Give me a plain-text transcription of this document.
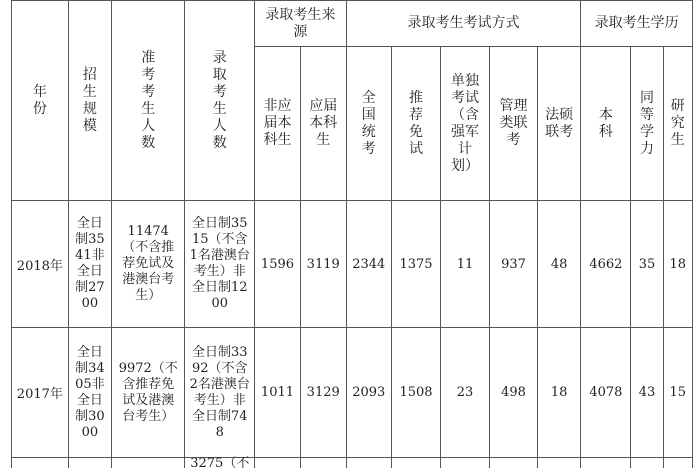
年份	招生规模	准考考生人数	录取考生人数	录取考生来源		录取考生考试方式					录取考生学历		
				非应届本科生	应届本科生	全国统考	推荐免试	单独考试（含强军计划）	管理类联考	法硕联考	本科	同等学力	研究生
2018年	全日制3541非全日制2700	11474（不含推荐免试及港澳台考生）	全日制3515（不含1名港澳台考生）非全日制1200	1596	3119	2344	1375	11	937	48	4662	35	18
2017年	全日制3405非全日制3000	9972（不含推荐免试及港澳台考生）	全日制3392（不含2名港澳台考生）非全日制748	1011	3129	2093	1508	23	498	18	4078	43	15

			3275（不										
